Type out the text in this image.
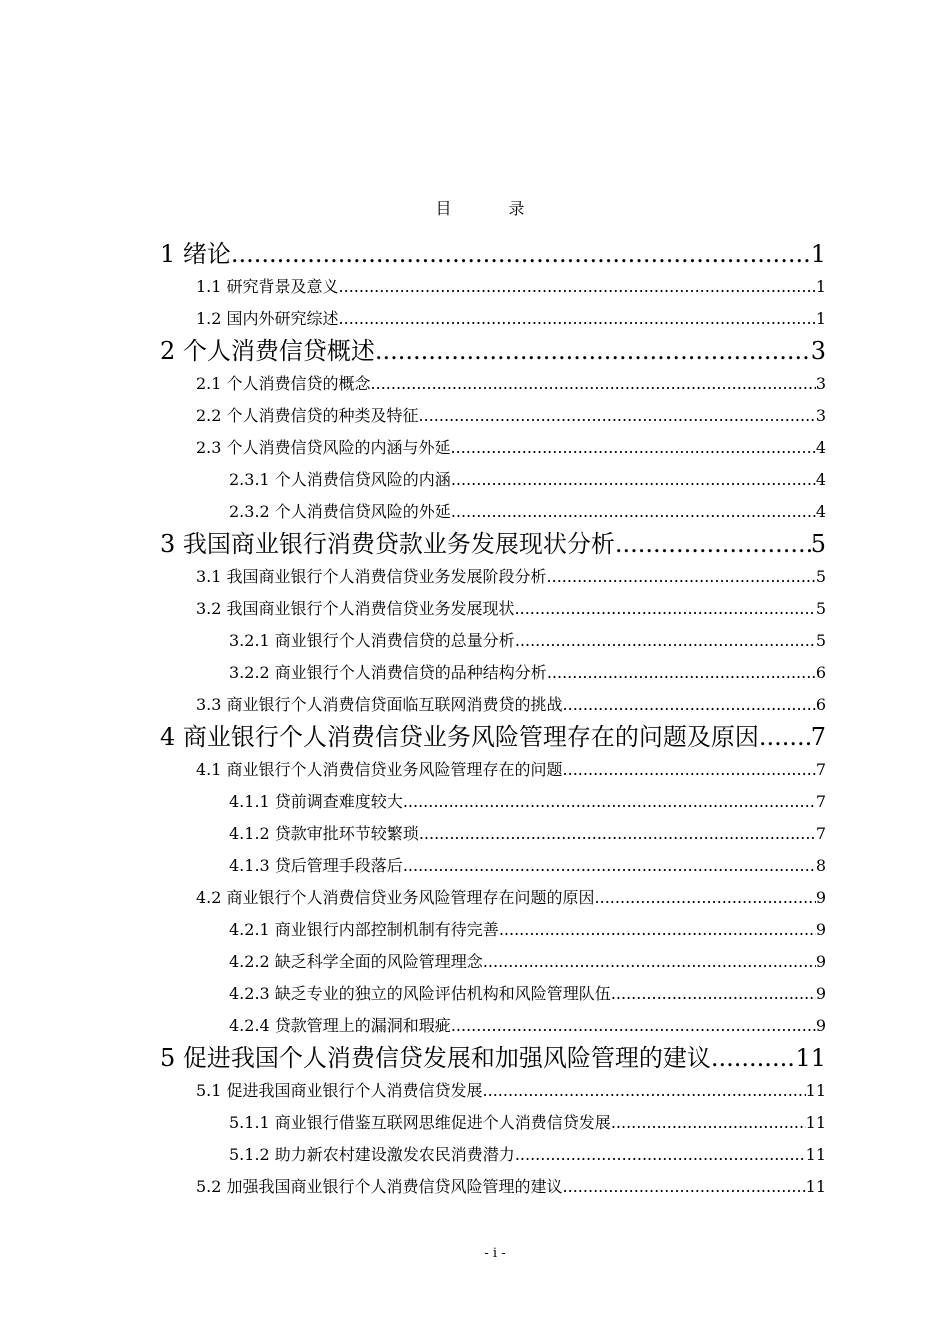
目 录
1 绪论 .....	1
1.1 研究背景及意义 .....	1
1.2 国内外研究综述 .....	1
2 个人消费信贷概述 .....	3
2.1 个人消费信贷的概念 .....	3
2.2 个人消费信贷的种类及特征 .....	3
2.3 个人消费信贷风险的内涵与外延 .....	4
2.3.1 个人消费信贷风险的内涵 .....	4
2.3.2 个人消费信贷风险的外延 .....	4
3 我国商业银行消费贷款业务发展现状分析 .....	5
3.1 我国商业银行个人消费信贷业务发展阶段分析 .....	5
3.2 我国商业银行个人消费信贷业务发展现状 .....	5
3.2.1 商业银行个人消费信贷的总量分析 .....	5
3.2.2 商业银行个人消费信贷的品种结构分析 .....	6
3.3 商业银行个人消费信贷面临互联网消费贷的挑战 .....	6
4 商业银行个人消费信贷业务风险管理存在的问题及原因 ..... 7
4.1 商业银行个人消费信贷业务风险管理存在的问题 .....	7
4.1.1 贷前调查难度较大 .....	7
4.1.2 贷款审批环节较繁琐 .....	7
4.1.3 贷后管理手段落后 .....	8
4.2 商业银行个人消费信贷业务风险管理存在问题的原因 .....	9
4.2.1 商业银行内部控制机制有待完善 .....	9
4.2.2 缺乏科学全面的风险管理理念 .....	9
4.2.3 缺乏专业的独立的风险评估机构和风险管理队伍 .....	9
4.2.4 贷款管理上的漏洞和瑕疵 .....	9
5 促进我国个人消费信贷发展和加强风险管理的建议 .....	11
5.1 促进我国商业银行个人消费信贷发展 .....	11
5.1.1 商业银行借鉴互联网思维促进个人消费信贷发展 .....	11
5.1.2 助力新农村建设激发农民消费潜力 .....	11
5.2 加强我国商业银行个人消费信贷风险管理的建议 .....	11
- i -
